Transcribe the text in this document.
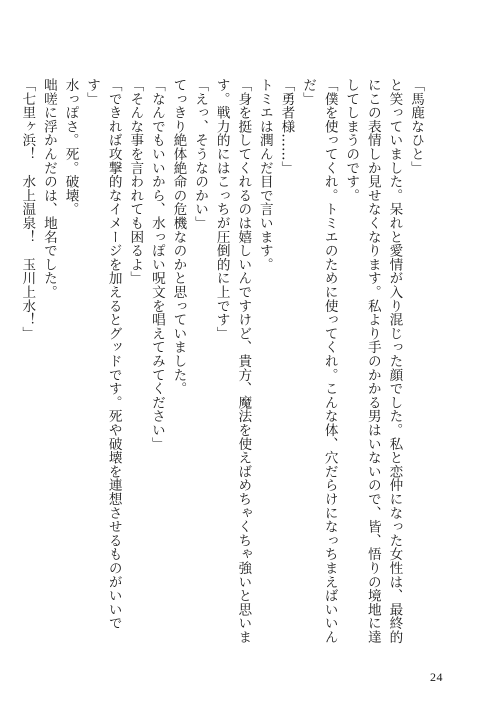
「馬鹿なひと」
と笑っていました。呆れと愛情が入り混じった顔でした。私と恋仲になった女性は、最終的にこの表情しか見せなくなります。私より手のかかる男はいないので、皆、悟りの境地に達してしまうのです。
「僕を使ってくれ。トミエのために使ってくれ。こんな体、穴だらけになっちまえばいいんだ」
「勇者様……」
トミエは潤んだ目で言います。
「身を挺してくれるのは嬉しいんですけど、貴方、魔法を使えばめちゃくちゃ強いと思います。戦力的にはこっちが圧倒的に上です」
「えっ、そうなのかい」
てっきり絶体絶命の危機なのかと思っていました。
「なんでもいいから、水っぽい呪文を唱えてみてください」
「そんな事を言われても困るよ」
「できれば攻撃的なイメージを加えるとグッドです。死や破壊を連想させるものがいいです」
水っぽさ。死。破壊。
咄嗟に浮かんだのは、地名でした。
「七里ヶ浜！　水上温泉！　玉川上水！」
24
